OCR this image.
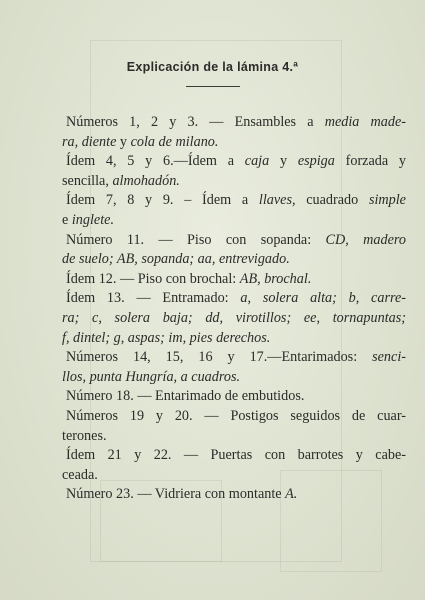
Explicación de la lámina 4.ª
Números 1, 2 y 3. — Ensambles a media made-
ra, diente y cola de milano.
Ídem 4, 5 y 6.—Ídem a caja y espiga forzada y
sencilla, almohadón.
Ídem 7, 8 y 9. – Ídem a llaves, cuadrado simple
e inglete.
Número 11. — Piso con sopanda: CD, madero
de suelo; AB, sopanda; aa, entrevigado.
Ídem 12. — Piso con brochal: AB, brochal.
Ídem 13. — Entramado: a, solera alta; b, carre-
ra; c, solera baja; dd, virotillos; ee, tornapuntas;
f, dintel; g, aspas; im, pies derechos.
Números 14, 15, 16 y 17.—Entarimados: senci-
llos, punta Hungría, a cuadros.
Número 18. — Entarimado de embutidos.
Números 19 y 20. — Postigos seguidos de cuar-
terones.
Ídem 21 y 22. — Puertas con barrotes y cabe-
ceada.
Número 23. — Vidriera con montante A.
